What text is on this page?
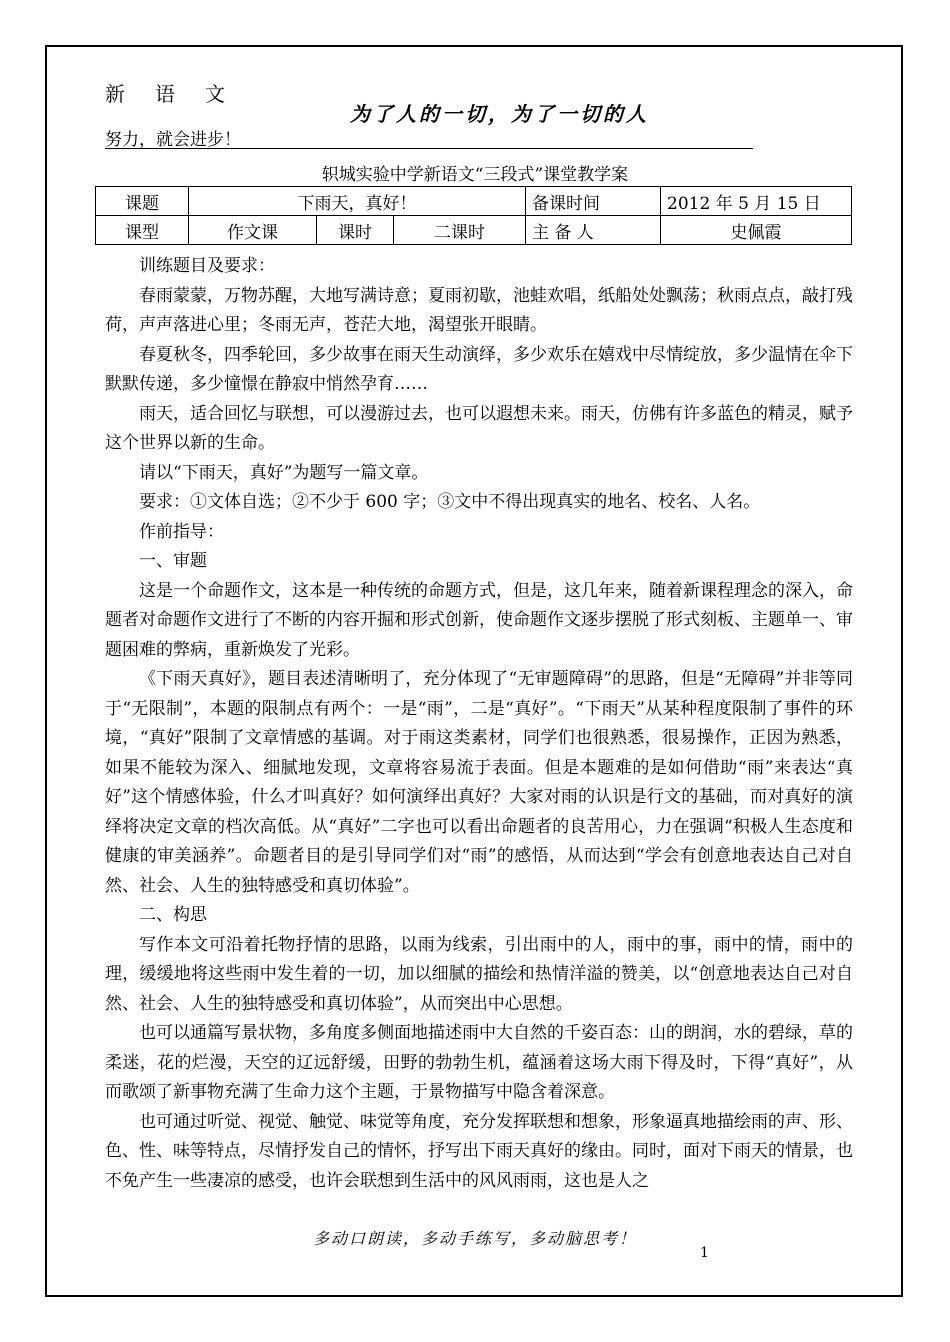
新语文
努力，就会进步！
为了人的一切，为了一切的人
轵城实验中学新语文“三段式”课堂教学案
课题	下雨天，真好！			备课时间	2012 年 5 月 15 日
课型	作文课	课时	二课时	主 备 人	史佩霞

训练题目及要求：

春雨蒙蒙，万物苏醒，大地写满诗意；夏雨初歇，池蛙欢唱，纸船处处飘荡；秋雨点点，敲打残荷，声声落进心里；冬雨无声，苍茫大地，渴望张开眼睛。

春夏秋冬，四季轮回，多少故事在雨天生动演绎，多少欢乐在嬉戏中尽情绽放，多少温情在伞下默默传递，多少憧憬在静寂中悄然孕育……

雨天，适合回忆与联想，可以漫游过去，也可以遐想未来。雨天，仿佛有许多蓝色的精灵，赋予这个世界以新的生命。

请以“下雨天，真好”为题写一篇文章。

要求：①文体自选；②不少于 600 字；③文中不得出现真实的地名、校名、人名。

作前指导：

一、审题

这是一个命题作文，这本是一种传统的命题方式，但是，这几年来，随着新课程理念的深入，命题者对命题作文进行了不断的内容开掘和形式创新，使命题作文逐步摆脱了形式刻板、主题单一、审题困难的弊病，重新焕发了光彩。

《下雨天真好》，题目表述清晰明了，充分体现了“无审题障碍”的思路，但是“无障碍”并非等同于“无限制”，本题的限制点有两个：一是“雨”，二是“真好”。“下雨天”从某种程度限制了事件的环境，“真好”限制了文章情感的基调。对于雨这类素材，同学们也很熟悉，很易操作，正因为熟悉，如果不能较为深入、细腻地发现，文章将容易流于表面。但是本题难的是如何借助“雨”来表达“真好”这个情感体验，什么才叫真好？如何演绎出真好？大家对雨的认识是行文的基础，而对真好的演绎将决定文章的档次高低。从“真好”二字也可以看出命题者的良苦用心，力在强调“积极人生态度和健康的审美涵养”。命题者目的是引导同学们对“雨”的感悟，从而达到“学会有创意地表达自己对自然、社会、人生的独特感受和真切体验”。

二、构思

写作本文可沿着托物抒情的思路，以雨为线索，引出雨中的人，雨中的事，雨中的情，雨中的理，缓缓地将这些雨中发生着的一切，加以细腻的描绘和热情洋溢的赞美，以“创意地表达自己对自然、社会、人生的独特感受和真切体验”，从而突出中心思想。

也可以通篇写景状物，多角度多侧面地描述雨中大自然的千姿百态：山的朗润，水的碧绿，草的柔迷，花的烂漫，天空的辽远舒缓，田野的勃勃生机，蕴涵着这场大雨下得及时，下得“真好”，从而歌颂了新事物充满了生命力这个主题，于景物描写中隐含着深意。

也可通过听觉、视觉、触觉、味觉等角度，充分发挥联想和想象，形象逼真地描绘雨的声、形、色、性、味等特点，尽情抒发自己的情怀，抒写出下雨天真好的缘由。同时，面对下雨天的情景，也不免产生一些凄凉的感受，也许会联想到生活中的风风雨雨，这也是人之

多动口朗读，多动手练写，多动脑思考！
1
